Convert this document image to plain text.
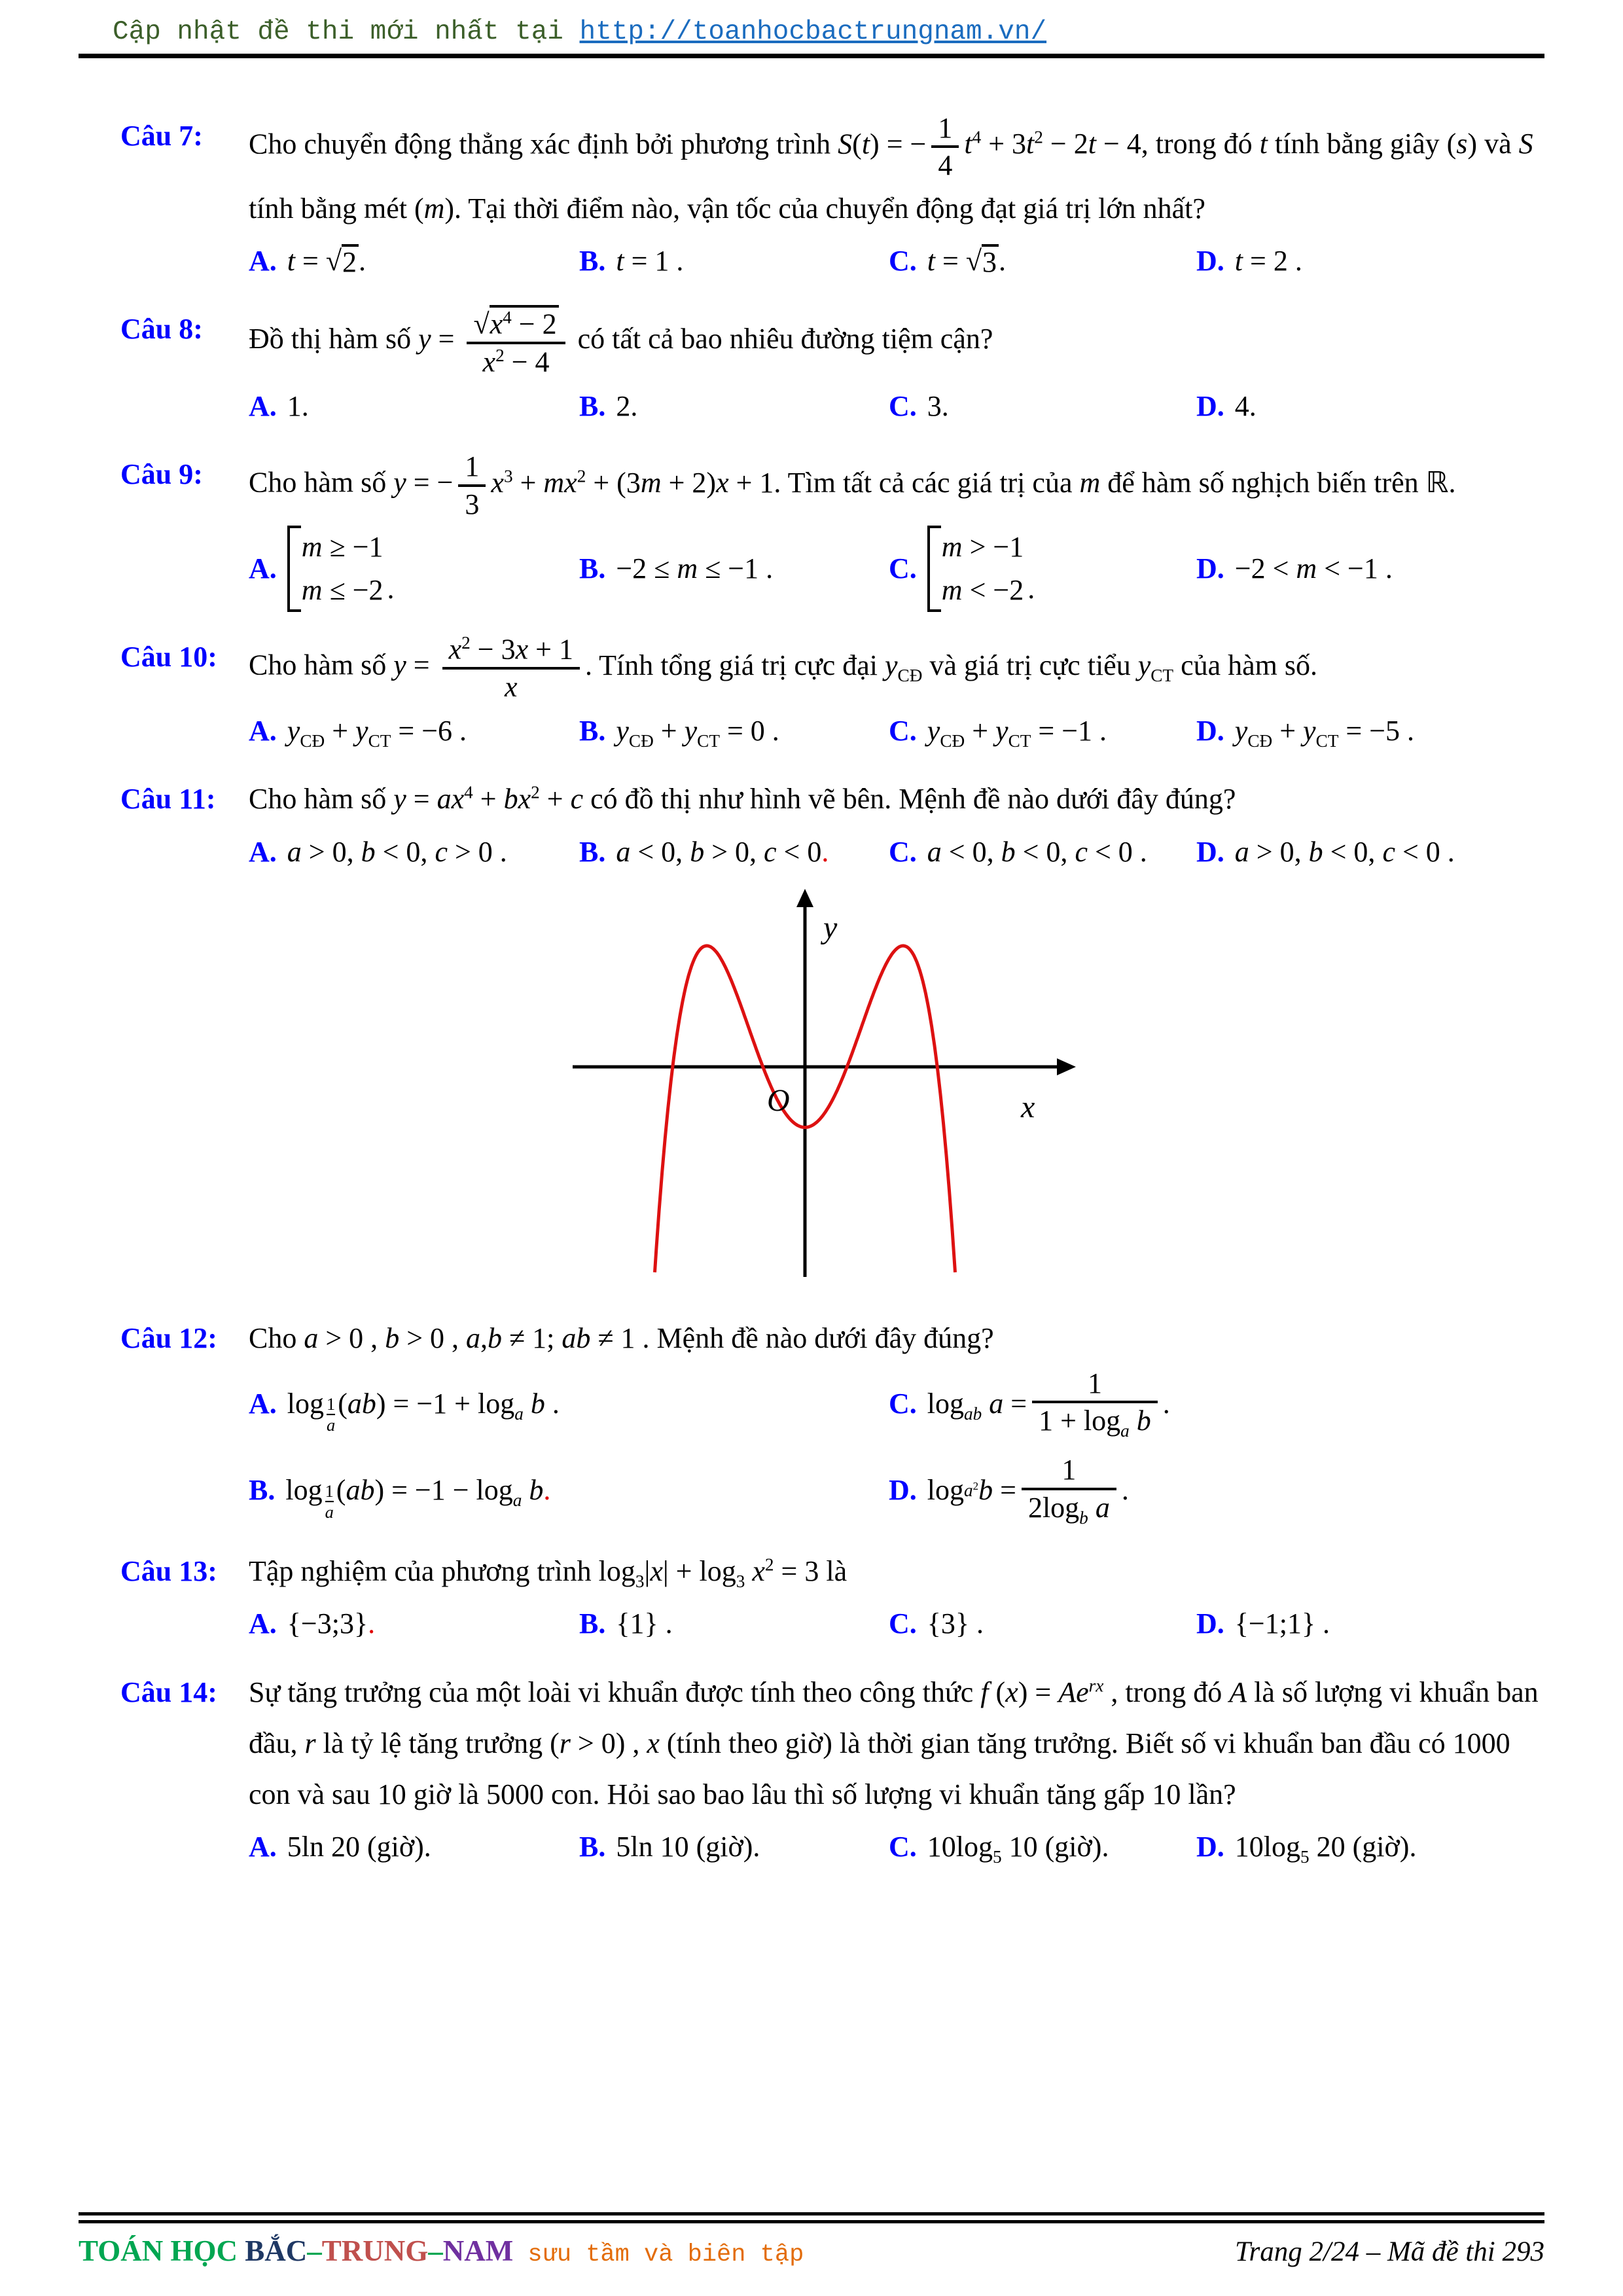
Cập nhật đề thi mới nhất tại http://toanhocbactrungnam.vn/
Câu 7:	Cho chuyển động thẳng xác định bởi phương trình S(t) = − $\frac{1}{4} t^4 + 3t^2 - 2t - 4$, trong đó t tính bằng giây (s) và S tính bằng mét (m). Tại thời điểm nào, vận tốc của chuyển động đạt giá trị lớn nhất?
A. t = √ 2 .	B. t = 1 .	C. t = √ 3 .	D. t = 2 .
Câu 8:	Đồ thị hàm số $y = \frac{√x^4 - 2}{x^2 - 4}$ có tất cả bao nhiêu đường tiệm cận?
A. 1.	B. 2.	C. 3.	D. 4.
Câu 9:	Cho hàm số y = − $\frac{1}{3} x^3 + mx^2 + (3m + 2)x + 1$. Tìm tất cả các giá trị của m để hàm số nghịch biến trên ℝ.
A.
m ≥ −1
m ≤ −2 .
B. −2 ≤ m ≤ −1 .	C.
m > −1
m < −2 .
D. −2 < m < −1 .
Câu 10:	Cho hàm số $y = \frac{x^2 - 3x + 1}{x}$ . Tính tổng giá trị cực đại $y_{CĐ}$ và giá trị cực tiểu $y_{CT}$ của hàm số.
A. $y_{CĐ} + y_{CT} = -6$ .	B. $y_{CĐ} + y_{CT} = 0$ .	C. $y_{CĐ} + y_{CT} = -1$ .	D. $y_{CĐ} + y_{CT} = -5$ .
Câu 11:	Cho hàm số $y = ax^4 + bx^2 + c$ có đồ thị như hình vẽ bên. Mệnh đề nào dưới đây đúng?
A. a > 0, b < 0, c > 0 .	B. a < 0, b > 0, c < 0 . C. a < 0, b < 0, c < 0 . D. a > 0, b < 0, c < 0 .
y
x
O
Câu 12:	Cho a > 0 , b > 0 , a,b ≠ 1; ab ≠ 1 . Mệnh đề nào dưới đây đúng?
A. log 1
a
$(ab) = -1 + \log_a b$ .	C. $\log_{ab} a = \frac{1}{1 + \log_a b}$ .
B. log 1
a
$(ab) = -1 - \log_a b$ .	D. $\log a^2$ $b = \frac{1}{2\log_b a}$ .
Câu 13:	Tập nghiệm của phương trình $\log_3|x| + \log_3 x^2 = 3$ là
A. {−3;3} .	B. {1} .	C. {3} .	D. {−1;1} .
Câu 14:	Sự tăng trưởng của một loài vi khuẩn được tính theo công thức f $(x) = Ae^{rx}$ , trong đó A là số lượng vi khuẩn ban đầu, r là tỷ lệ tăng trưởng (r > 0) , x (tính theo giờ) là thời gian tăng trưởng. Biết số vi khuẩn ban đầu có 1000 con và sau 10 giờ là 5000 con. Hỏi sao bao lâu thì số lượng vi khuẩn tăng gấp 10 lần?
A. 5ln 20 (giờ).	B. 5ln 10 (giờ).	C. $10\log_5$ 10 (giờ).	D. $10\log_5$ 20 (giờ).
TOÁN HỌC BẮC–TRUNG–NAM sưu tầm và biên tập	Trang 2/24 – Mã đề thi 293
